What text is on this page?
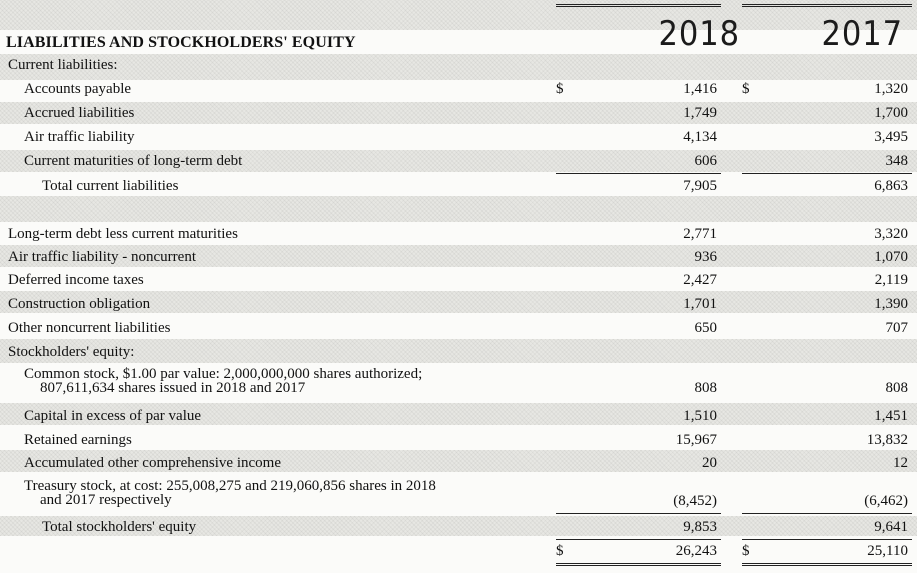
2018 2017
LIABILITIES AND STOCKHOLDERS' EQUITY
Current liabilities:
$	$
Accounts payable	1,416	1,320
Accrued liabilities	1,749	1,700
Air traffic liability	4,134	3,495
Current maturities of long-term debt	606	348
Total current liabilities	7,905	6,863
Long-term debt less current maturities	2,771	3,320
Air traffic liability - noncurrent	936	1,070
Deferred income taxes	2,427	2,119
Construction obligation	1,701	1,390
Other noncurrent liabilities	650	707
Stockholders' equity:
Common stock, $1.00 par value: 2,000,000,000 shares authorized;
807,611,634 shares issued in 2018 and 2017	808	808
Capital in excess of par value	1,510	1,451
Retained earnings	15,967	13,832
Accumulated other comprehensive income	20	12
Treasury stock, at cost: 255,008,275 and 219,060,856 shares in 2018
and 2017 respectively	(8,452)	(6,462)
Total stockholders' equity	9,853	9,641
$	$
26,243	25,110
